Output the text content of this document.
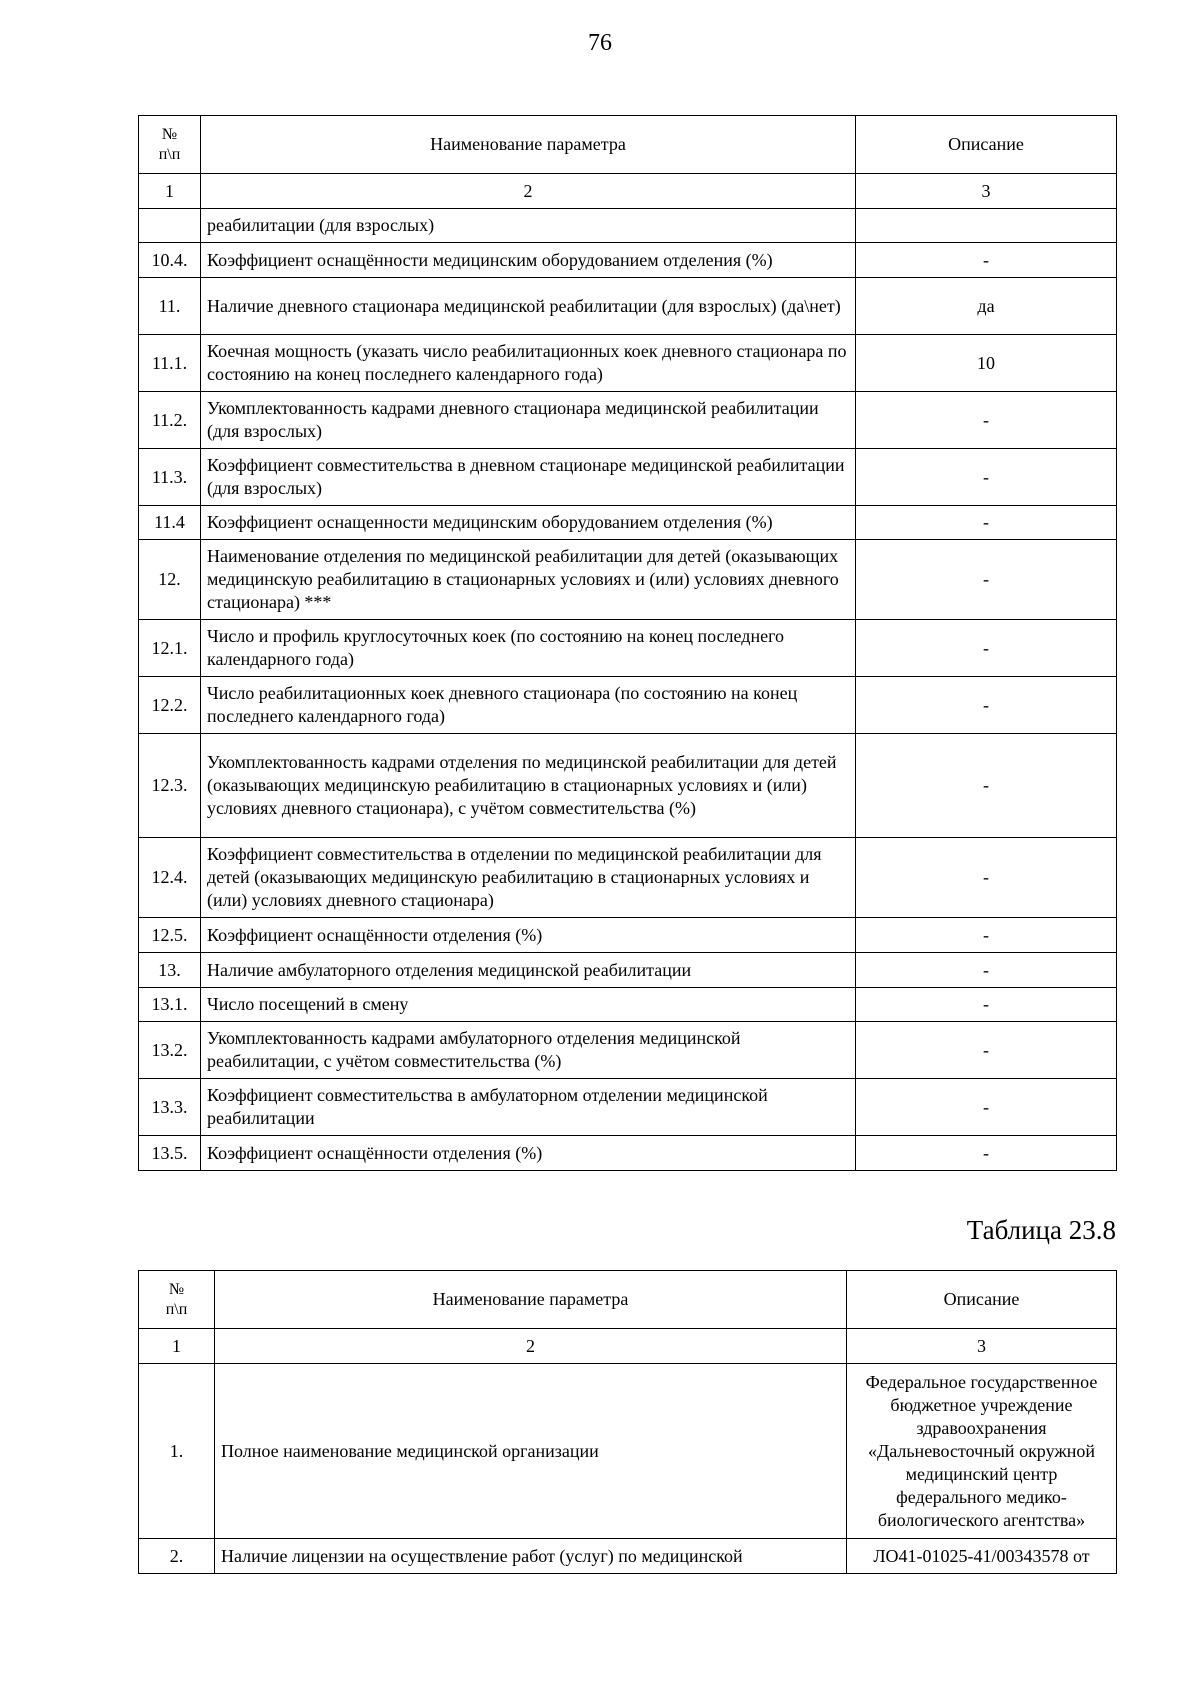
76
№
п\п	Наименование параметра	Описание
1	2	3
	реабилитации (для взрослых)	
10.4.	Коэффициент оснащённости медицинским оборудованием отделения (%)	-
11.	Наличие дневного стационара медицинской реабилитации (для взрослых) (да\нет)	да
11.1.	Коечная мощность (указать число реабилитационных коек дневного стационара по состоянию на конец последнего календарного года)	10
11.2.	Укомплектованность кадрами дневного стационара медицинской реабилитации (для взрослых)	-
11.3.	Коэффициент совместительства в дневном стационаре медицинской реабилитации (для взрослых)	-
11.4	Коэффициент оснащенности медицинским оборудованием отделения (%)	-
12.	Наименование отделения по медицинской реабилитации для детей (оказывающих медицинскую реабилитацию в стационарных условиях и (или) условиях дневного стационара) ***	-
12.1.	Число и профиль круглосуточных коек (по состоянию на конец последнего календарного года)	-
12.2.	Число реабилитационных коек дневного стационара (по состоянию на конец последнего календарного года)	-
12.3.	Укомплектованность кадрами отделения по медицинской реабилитации для детей (оказывающих медицинскую реабилитацию в стационарных условиях и (или) условиях дневного стационара), с учётом совместительства (%)	-
12.4.	Коэффициент совместительства в отделении по медицинской реабилитации для детей (оказывающих медицинскую реабилитацию в стационарных условиях и (или) условиях дневного стационара)	-
12.5.	Коэффициент оснащённости отделения (%)	-
13.	Наличие амбулаторного отделения медицинской реабилитации	-
13.1.	Число посещений в смену	-
13.2.	Укомплектованность кадрами амбулаторного отделения медицинской реабилитации, с учётом совместительства (%)	-
13.3.	Коэффициент совместительства в амбулаторном отделении медицинской реабилитации	-
13.5.	Коэффициент оснащённости отделения (%)	-
Таблица 23.8
№
п\п	Наименование параметра	Описание
1	2	3
1.	Полное наименование медицинской организации	Федеральное государственное бюджетное учреждение здравоохранения «Дальневосточный окружной медицинский центр федерального медико-биологического агентства»
2.	Наличие лицензии на осуществление работ (услуг) по медицинской	ЛО41-01025-41/00343578 от
